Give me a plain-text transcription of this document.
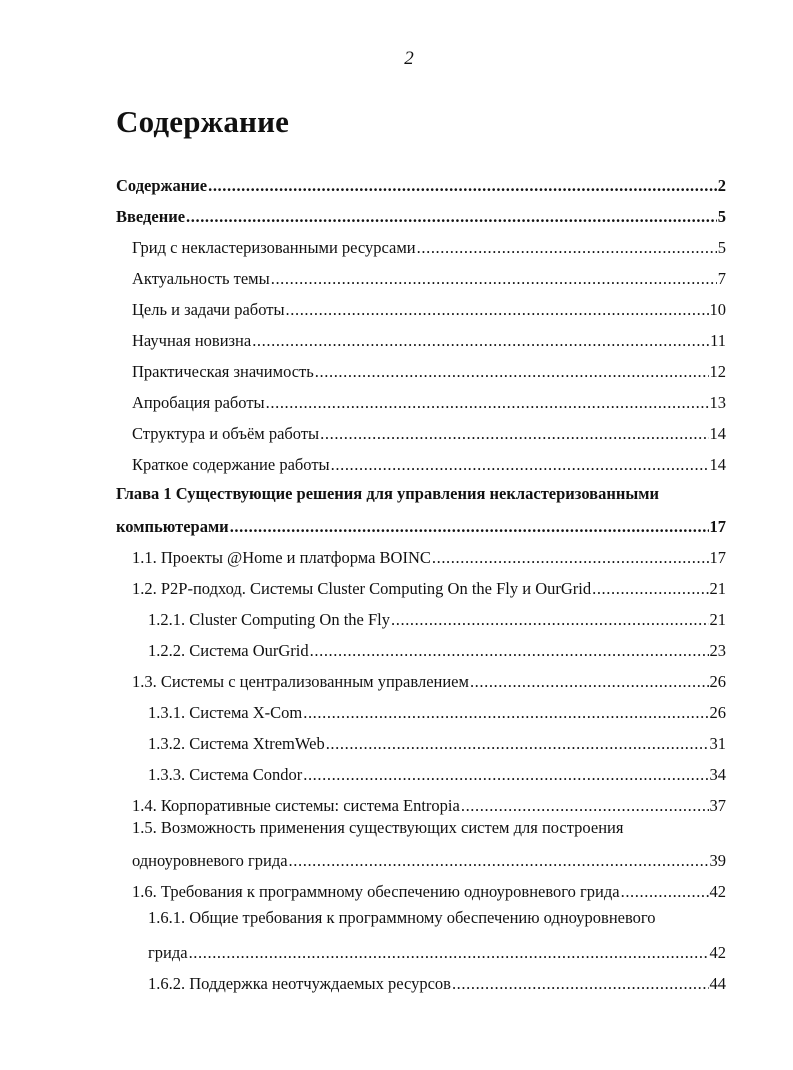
2
Содержание
Содержание .....	2
Введение .....	5
Грид с некластеризованными ресурсами .....	5
Актуальность темы .....	7
Цель и задачи работы .....	10
Научная новизна .....	11
Практическая значимость .....	12
Апробация работы .....	13
Структура и объём работы .....	14
Краткое содержание работы .....	14
Глава 1 Существующие решения для управления некластеризованными
компьютерами .....	17
1.1. Проекты @Home и платформа BOINC .....	17
1.2. P2P-подход. Системы Cluster Computing On the Fly и OurGrid .....	21
1.2.1. Cluster Computing On the Fly .....	21
1.2.2. Система OurGrid .....	23
1.3. Системы с централизованным управлением .....	26
1.3.1. Система X-Com .....	26
1.3.2. Система XtremWeb .....	31
1.3.3. Система Condor .....	34
1.4. Корпоративные системы: система Entropia .....	37
1.5. Возможность применения существующих систем для построения
одноуровневого грида .....	39
1.6. Требования к программному обеспечению одноуровневого грида .....	42
1.6.1. Общие требования к программному обеспечению одноуровневого
грида .....	42
1.6.2. Поддержка неотчуждаемых ресурсов .....	44
